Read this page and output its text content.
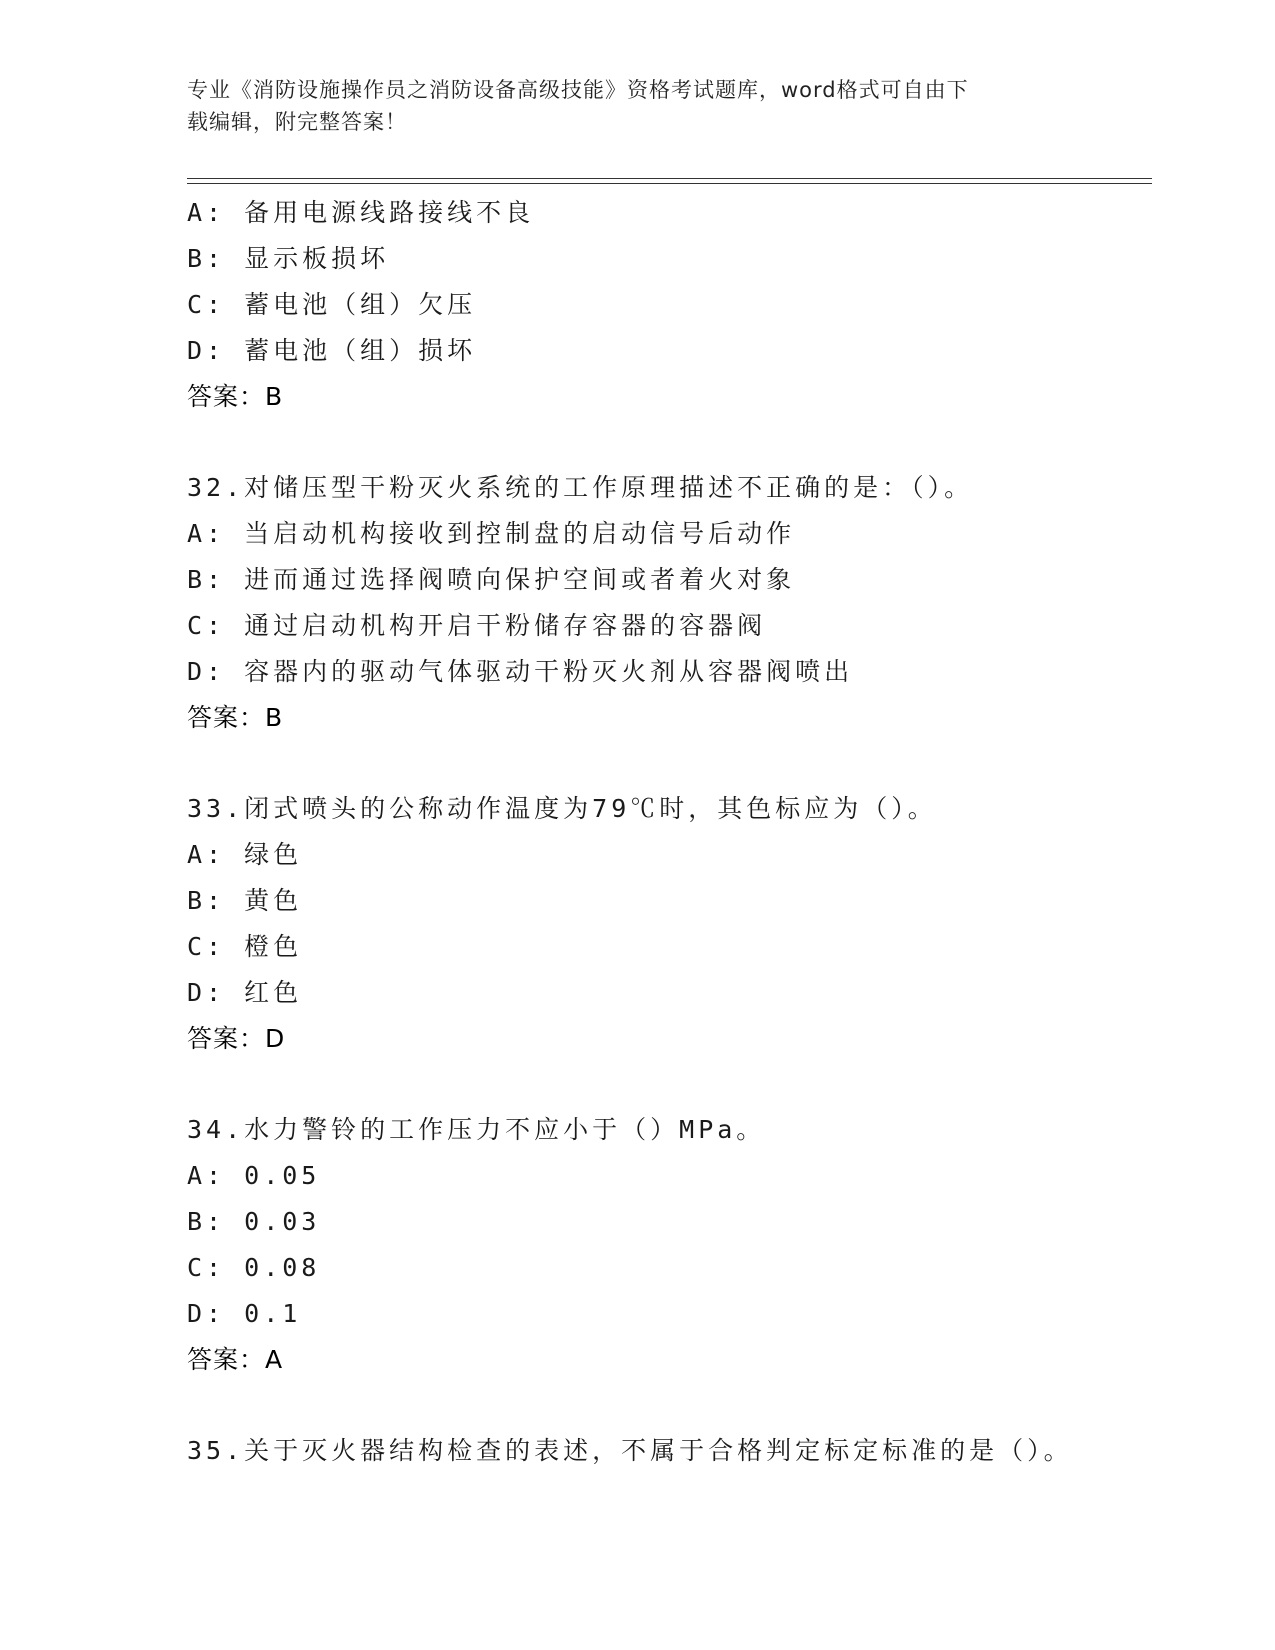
专业《消防设施操作员之消防设备高级技能》资格考试题库，word格式可自由下
载编辑，附完整答案！
A: 备用电源线路接线不良
B: 显示板损坏
C: 蓄电池（组）欠压
D: 蓄电池（组）损坏
答案：B
32.对储压型干粉灭火系统的工作原理描述不正确的是：（）。
A: 当启动机构接收到控制盘的启动信号后动作
B: 进而通过选择阀喷向保护空间或者着火对象
C: 通过启动机构开启干粉储存容器的容器阀
D: 容器内的驱动气体驱动干粉灭火剂从容器阀喷出
答案：B
33.闭式喷头的公称动作温度为79℃时，其色标应为（）。
A: 绿色
B: 黄色
C: 橙色
D: 红色
答案：D
34.水力警铃的工作压力不应小于（）MPa。
A: 0.05
B: 0.03
C: 0.08
D: 0.1
答案：A
35.关于灭火器结构检查的表述，不属于合格判定标定标准的是（）。
